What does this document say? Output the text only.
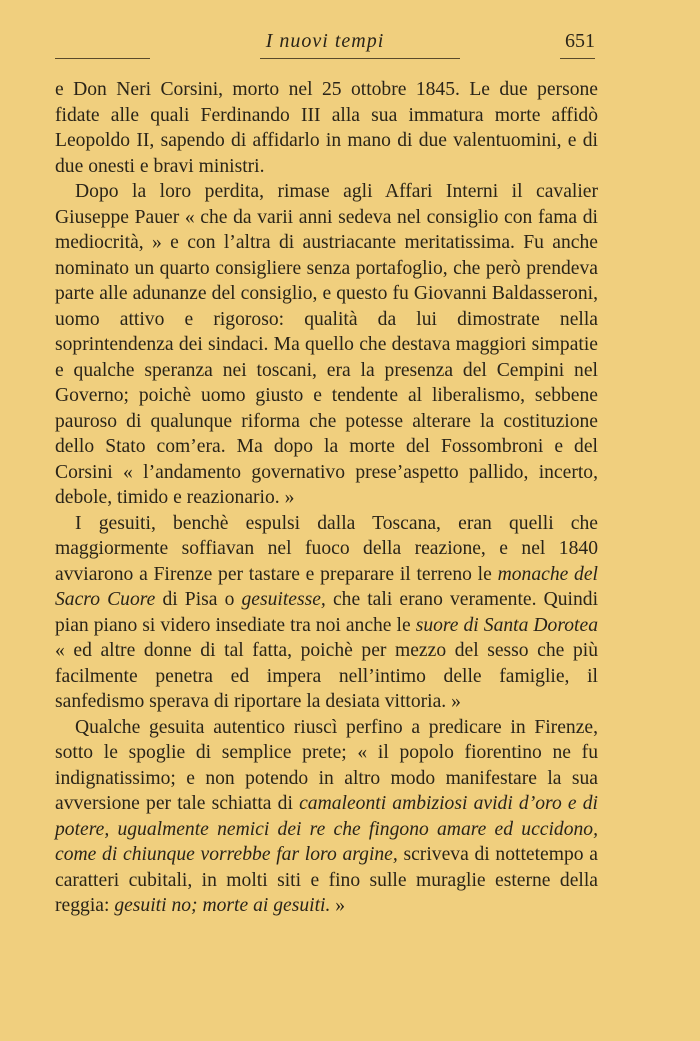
I nuovi tempi	651

e Don Neri Corsini, morto nel 25 ottobre 1845. Le due persone fidate alle quali Ferdinando III alla sua immatura morte affidò Leopoldo II, sapendo di affidarlo in mano di due valentuomini, e di due onesti e bravi ministri.

Dopo la loro perdita, rimase agli Affari Interni il cavalier Giuseppe Pauer « che da varii anni sedeva nel consiglio con fama di mediocrità, » e con l’altra di austriacante meritatissima. Fu anche nominato un quarto consigliere senza portafoglio, che però prendeva parte alle adunanze del consiglio, e questo fu Giovanni Baldasseroni, uomo attivo e rigoroso: qualità da lui dimostrate nella soprintendenza dei sindaci. Ma quello che destava maggiori simpatie e qualche speranza nei toscani, era la presenza del Cempini nel Governo; poichè uomo giusto e tendente al liberalismo, sebbene pauroso di qualunque riforma che potesse alterare la costituzione dello Stato com’era. Ma dopo la morte del Fossombroni e del Corsini « l’andamento governativo prese’aspetto pallido, incerto, debole, timido e reazionario. »

I gesuiti, benchè espulsi dalla Toscana, eran quelli che maggiormente soffiavan nel fuoco della reazione, e nel 1840 avviarono a Firenze per tastare e preparare il terreno le monache del Sacro Cuore di Pisa o gesuitesse, che tali erano veramente. Quindi pian piano si videro insediate tra noi anche le suore di Santa Dorotea « ed altre donne di tal fatta, poichè per mezzo del sesso che più facilmente penetra ed impera nell’intimo delle famiglie, il sanfedismo sperava di riportare la desiata vittoria. »

Qualche gesuita autentico riuscì perfino a predicare in Firenze, sotto le spoglie di semplice prete; « il popolo fiorentino ne fu indignatissimo; e non potendo in altro modo manifestare la sua avversione per tale schiatta di camaleonti ambiziosi avidi d’oro e di potere, ugualmente nemici dei re che fingono amare ed uccidono, come di chiunque vorrebbe far loro argine, scriveva di nottetempo a caratteri cubitali, in molti siti e fino sulle muraglie esterne della reggia: gesuiti no; morte ai gesuiti. »
